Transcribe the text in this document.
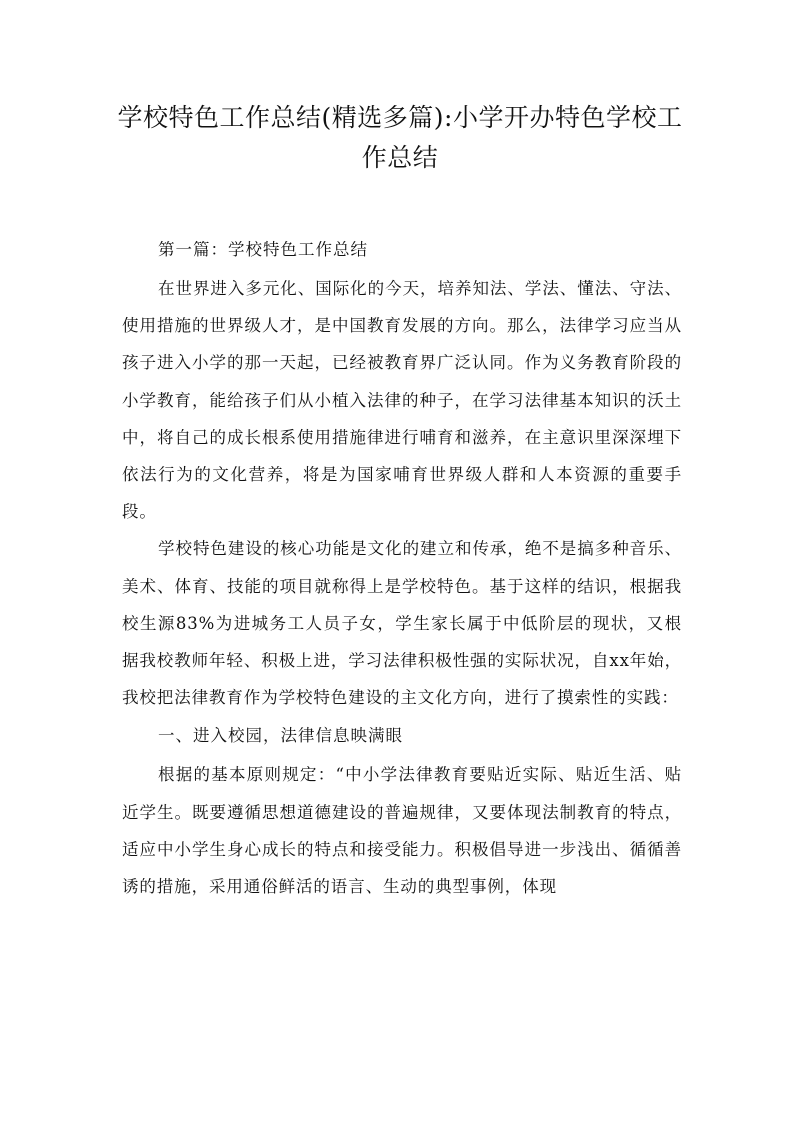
学校特色工作总结(精选多篇):小学开办特色学校工作总结
第一篇：学校特色工作总结

在世界进入多元化、国际化的今天，培养知法、学法、懂法、守法、使用措施的世界级人才，是中国教育发展的方向。那么，法律学习应当从孩子进入小学的那一天起，已经被教育界广泛认同。作为义务教育阶段的小学教育，能给孩子们从小植入法律的种子，在学习法律基本知识的沃土中，将自己的成长根系使用措施律进行哺育和滋养，在主意识里深深埋下依法行为的文化营养，将是为国家哺育世界级人群和人本资源的重要手段。

学校特色建设的核心功能是文化的建立和传承，绝不是搞多种音乐、美术、体育、技能的项目就称得上是学校特色。基于这样的结识，根据我校生源83%为进城务工人员子女，学生家长属于中低阶层的现状，又根据我校教师年轻、积极上进，学习法律积极性强的实际状况，自xx年始，我校把法律教育作为学校特色建设的主文化方向，进行了摸索性的实践：

一、进入校园，法律信息映满眼

根据的基本原则规定：“中小学法律教育要贴近实际、贴近生活、贴近学生。既要遵循思想道德建设的普遍规律，又要体现法制教育的特点，适应中小学生身心成长的特点和接受能力。积极倡导进一步浅出、循循善诱的措施，采用通俗鲜活的语言、生动的典型事例，体现
